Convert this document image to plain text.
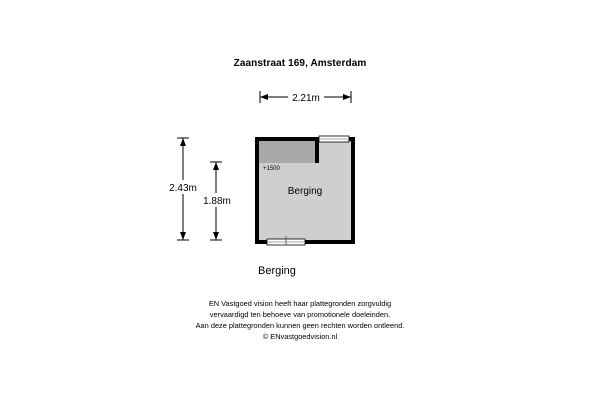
Zaanstraat 169, Amsterdam
2.21m
2.43m
1.88m
+1500
Berging
Berging
EN Vastgoed vision heeft haar plattegronden zorgvuldig
vervaardigd ten behoeve van promotionele doeleinden.
Aan deze plattegronden kunnen geen rechten worden ontleend.
© ENvastgoedvision.nl
